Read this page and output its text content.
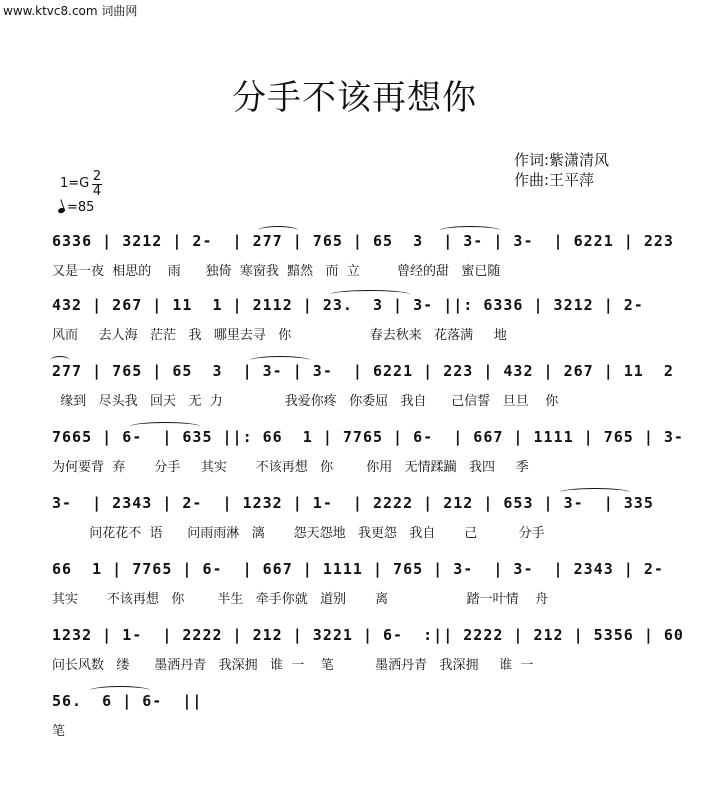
www.ktvc8.com 词曲网
分手不该再想你
作词:紫潇清风
作曲:王平萍
1=G 2
4
=85
6336 | 3212 | 2-  | 277 | 765 | 65  3  | 3- | 3-  | 6221 | 223
又是一夜  相思的    雨      独倚  寒窗我  黯然   而  立         曾经的甜   蜜已随
432 | 267 | 11  1 | 2112 | 23.  3 | 3- ||: 6336 | 3212 | 2-
风而     去人海   茫茫   我   哪里去寻   你                   春去秋来   花落满     地
277 | 765 | 65  3  | 3- | 3-  | 6221 | 223 | 432 | 267 | 11  2
缘到   尽头我   回天   无  力               我爱你疼   你委屈   我自      己信誓   旦旦    你
7665 | 6-  | 635 ||: 66  1 | 7765 | 6-  | 667 | 1111 | 765 | 3-
为何要背  弃       分手     其实       不该再想   你        你用   无情蹂躏   我四     季
3-  | 2343 | 2-  | 1232 | 1-  | 2222 | 212 | 653 | 3-  | 335
问花花不  语      问雨雨淋   漓       怨天怨地   我更怨   我自       己          分手
66  1 | 7765 | 6-  | 667 | 1111 | 765 | 3-  | 3-  | 2343 | 2-
其实       不该再想   你        半生   牵手你就   道别       离                   踏一叶情    舟
1232 | 1-  | 2222 | 212 | 3221 | 6-  :|| 2222 | 212 | 5356 | 60
问长风数   缕      墨洒丹青   我深拥   谁  一    笔          墨洒丹青   我深拥     谁  一
56.  6 | 6-  ||
笔
